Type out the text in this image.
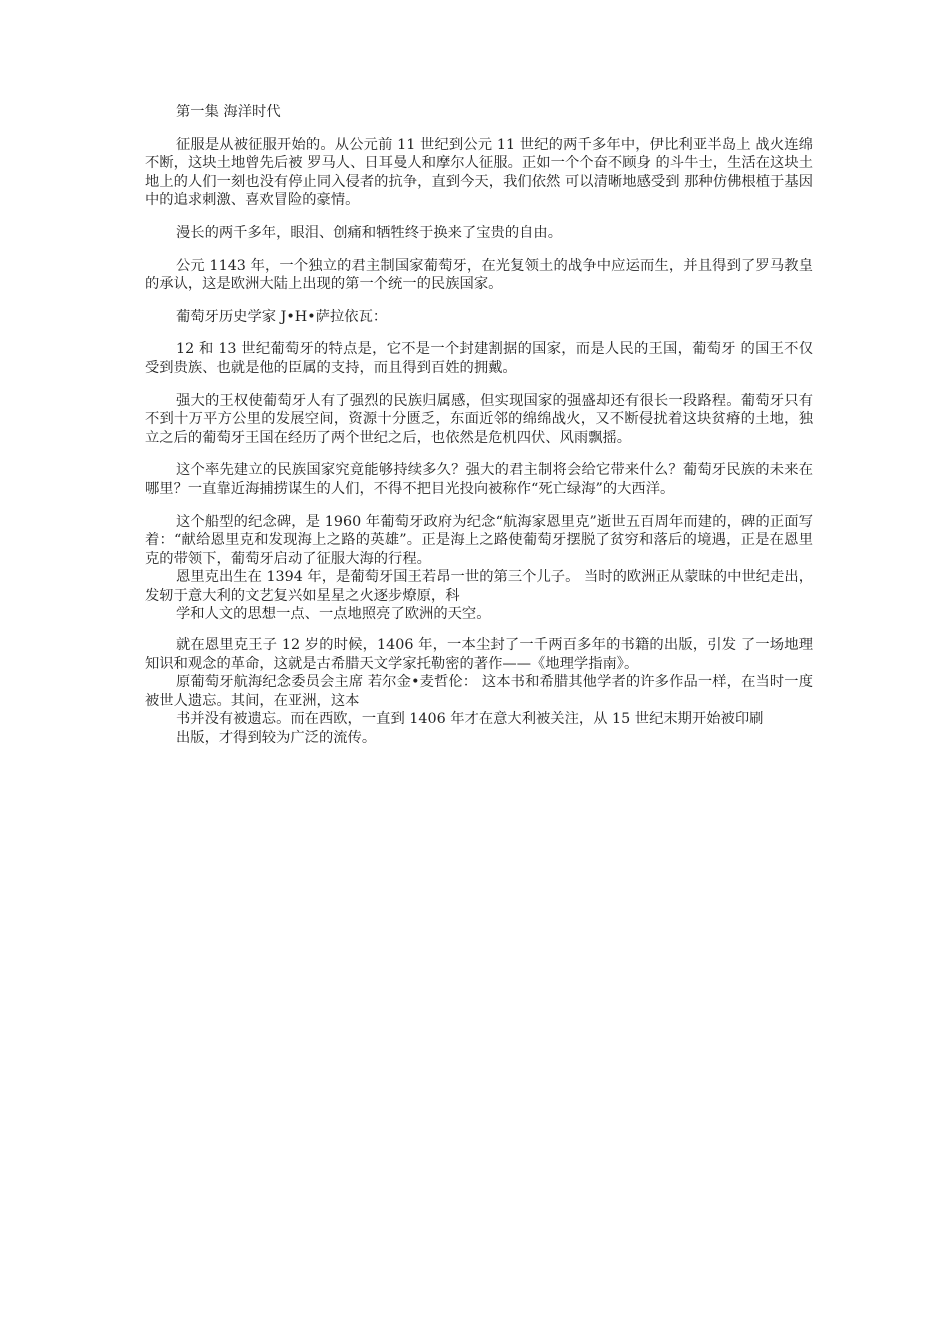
第一集 海洋时代

征服是从被征服开始的。从公元前 11 世纪到公元 11 世纪的两千多年中，伊比利亚半岛上 战火连绵不断，这块土地曾先后被 罗马人、日耳曼人和摩尔人征服。正如一个个奋不顾身 的斗牛士，生活在这块土地上的人们一刻也没有停止同入侵者的抗争，直到今天，我们依然 可以清晰地感受到 那种仿佛根植于基因中的追求刺激、喜欢冒险的豪情。

漫长的两千多年，眼泪、创痛和牺牲终于换来了宝贵的自由。

公元 1143 年，一个独立的君主制国家葡萄牙，在光复领土的战争中应运而生，并且得到了罗马教皇的承认，这是欧洲大陆上出现的第一个统一的民族国家。

葡萄牙历史学家 J•H•萨拉依瓦：

12 和 13 世纪葡萄牙的特点是，它不是一个封建割据的国家，而是人民的王国，葡萄牙 的国王不仅受到贵族、也就是他的臣属的支持，而且得到百姓的拥戴。

强大的王权使葡萄牙人有了强烈的民族归属感，但实现国家的强盛却还有很长一段路程。葡萄牙只有不到十万平方公里的发展空间，资源十分匮乏，东面近邻的绵绵战火，又不断侵扰着这块贫瘠的土地，独立之后的葡萄牙王国在经历了两个世纪之后，也依然是危机四伏、风雨飘摇。

这个率先建立的民族国家究竟能够持续多久？强大的君主制将会给它带来什么？葡萄牙民族的未来在哪里？一直靠近海捕捞谋生的人们，不得不把目光投向被称作“死亡绿海”的大西洋。

这个船型的纪念碑，是 1960 年葡萄牙政府为纪念“航海家恩里克”逝世五百周年而建的，碑的正面写着：“献给恩里克和发现海上之路的英雄”。正是海上之路使葡萄牙摆脱了贫穷和落后的境遇，正是在恩里克的带领下，葡萄牙启动了征服大海的行程。

恩里克出生在 1394 年，是葡萄牙国王若昂一世的第三个儿子。 当时的欧洲正从蒙昧的中世纪走出，发轫于意大利的文艺复兴如星星之火逐步燎原，科

学和人文的思想一点、一点地照亮了欧洲的天空。

就在恩里克王子 12 岁的时候，1406 年，一本尘封了一千两百多年的书籍的出版，引发 了一场地理知识和观念的革命，这就是古希腊天文学家托勒密的著作——《地理学指南》。

原葡萄牙航海纪念委员会主席 若尔金•麦哲伦： 这本书和希腊其他学者的许多作品一样，在当时一度被世人遗忘。其间，在亚洲，这本

书并没有被遗忘。而在西欧，一直到 1406 年才在意大利被关注，从 15 世纪末期开始被印刷

出版，才得到较为广泛的流传。
